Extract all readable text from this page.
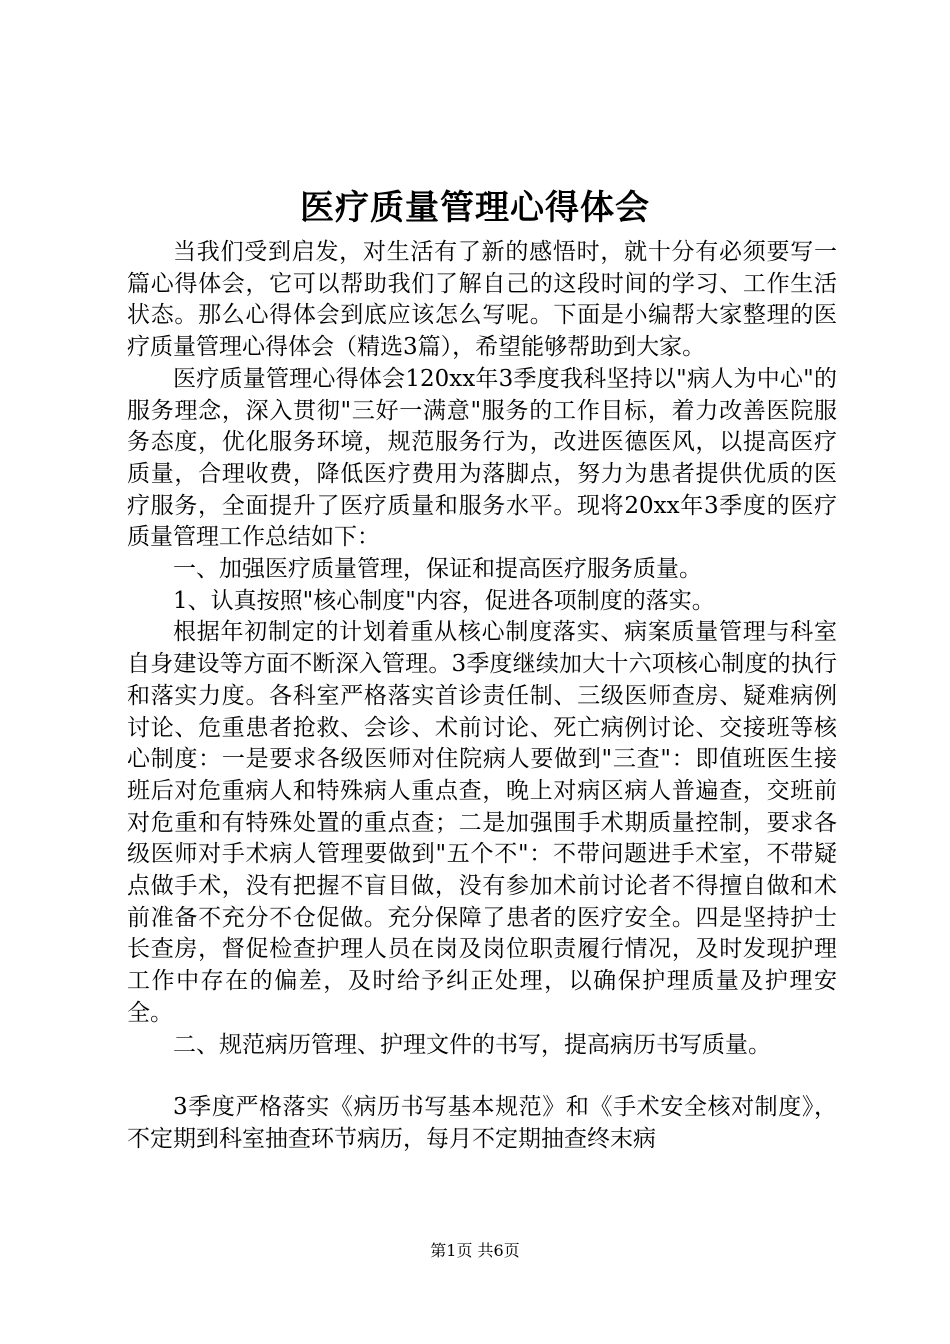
医疗质量管理心得体会

当我们受到启发，对生活有了新的感悟时，就十分有必须要写一篇心得体会，它可以帮助我们了解自己的这段时间的学习、工作生活状态。那么心得体会到底应该怎么写呢。下面是小编帮大家整理的医疗质量管理心得体会（精选3篇），希望能够帮助到大家。

医疗质量管理心得体会120xx年3季度我科坚持以"病人为中心"的服务理念，深入贯彻"三好一满意"服务的工作目标，着力改善医院服务态度，优化服务环境，规范服务行为，改进医德医风，以提高医疗质量，合理收费，降低医疗费用为落脚点，努力为患者提供优质的医疗服务，全面提升了医疗质量和服务水平。现将20xx年3季度的医疗质量管理工作总结如下：

一、加强医疗质量管理，保证和提高医疗服务质量。

1、认真按照"核心制度"内容，促进各项制度的落实。

根据年初制定的计划着重从核心制度落实、病案质量管理与科室自身建设等方面不断深入管理。3季度继续加大十六项核心制度的执行和落实力度。各科室严格落实首诊责任制、三级医师查房、疑难病例讨论、危重患者抢救、会诊、术前讨论、死亡病例讨论、交接班等核心制度：一是要求各级医师对住院病人要做到"三查"：即值班医生接班后对危重病人和特殊病人重点查，晚上对病区病人普遍查，交班前对危重和有特殊处置的重点查；二是加强围手术期质量控制，要求各级医师对手术病人管理要做到"五个不"：不带问题进手术室，不带疑点做手术，没有把握不盲目做，没有参加术前讨论者不得擅自做和术前准备不充分不仓促做。充分保障了患者的医疗安全。四是坚持护士长查房，督促检查护理人员在岗及岗位职责履行情况，及时发现护理工作中存在的偏差，及时给予纠正处理，以确保护理质量及护理安全。

二、规范病历管理、护理文件的书写，提高病历书写质量。

3季度严格落实《病历书写基本规范》和《手术安全核对制度》，不定期到科室抽查环节病历，每月不定期抽查终末病

第1页 共6页
